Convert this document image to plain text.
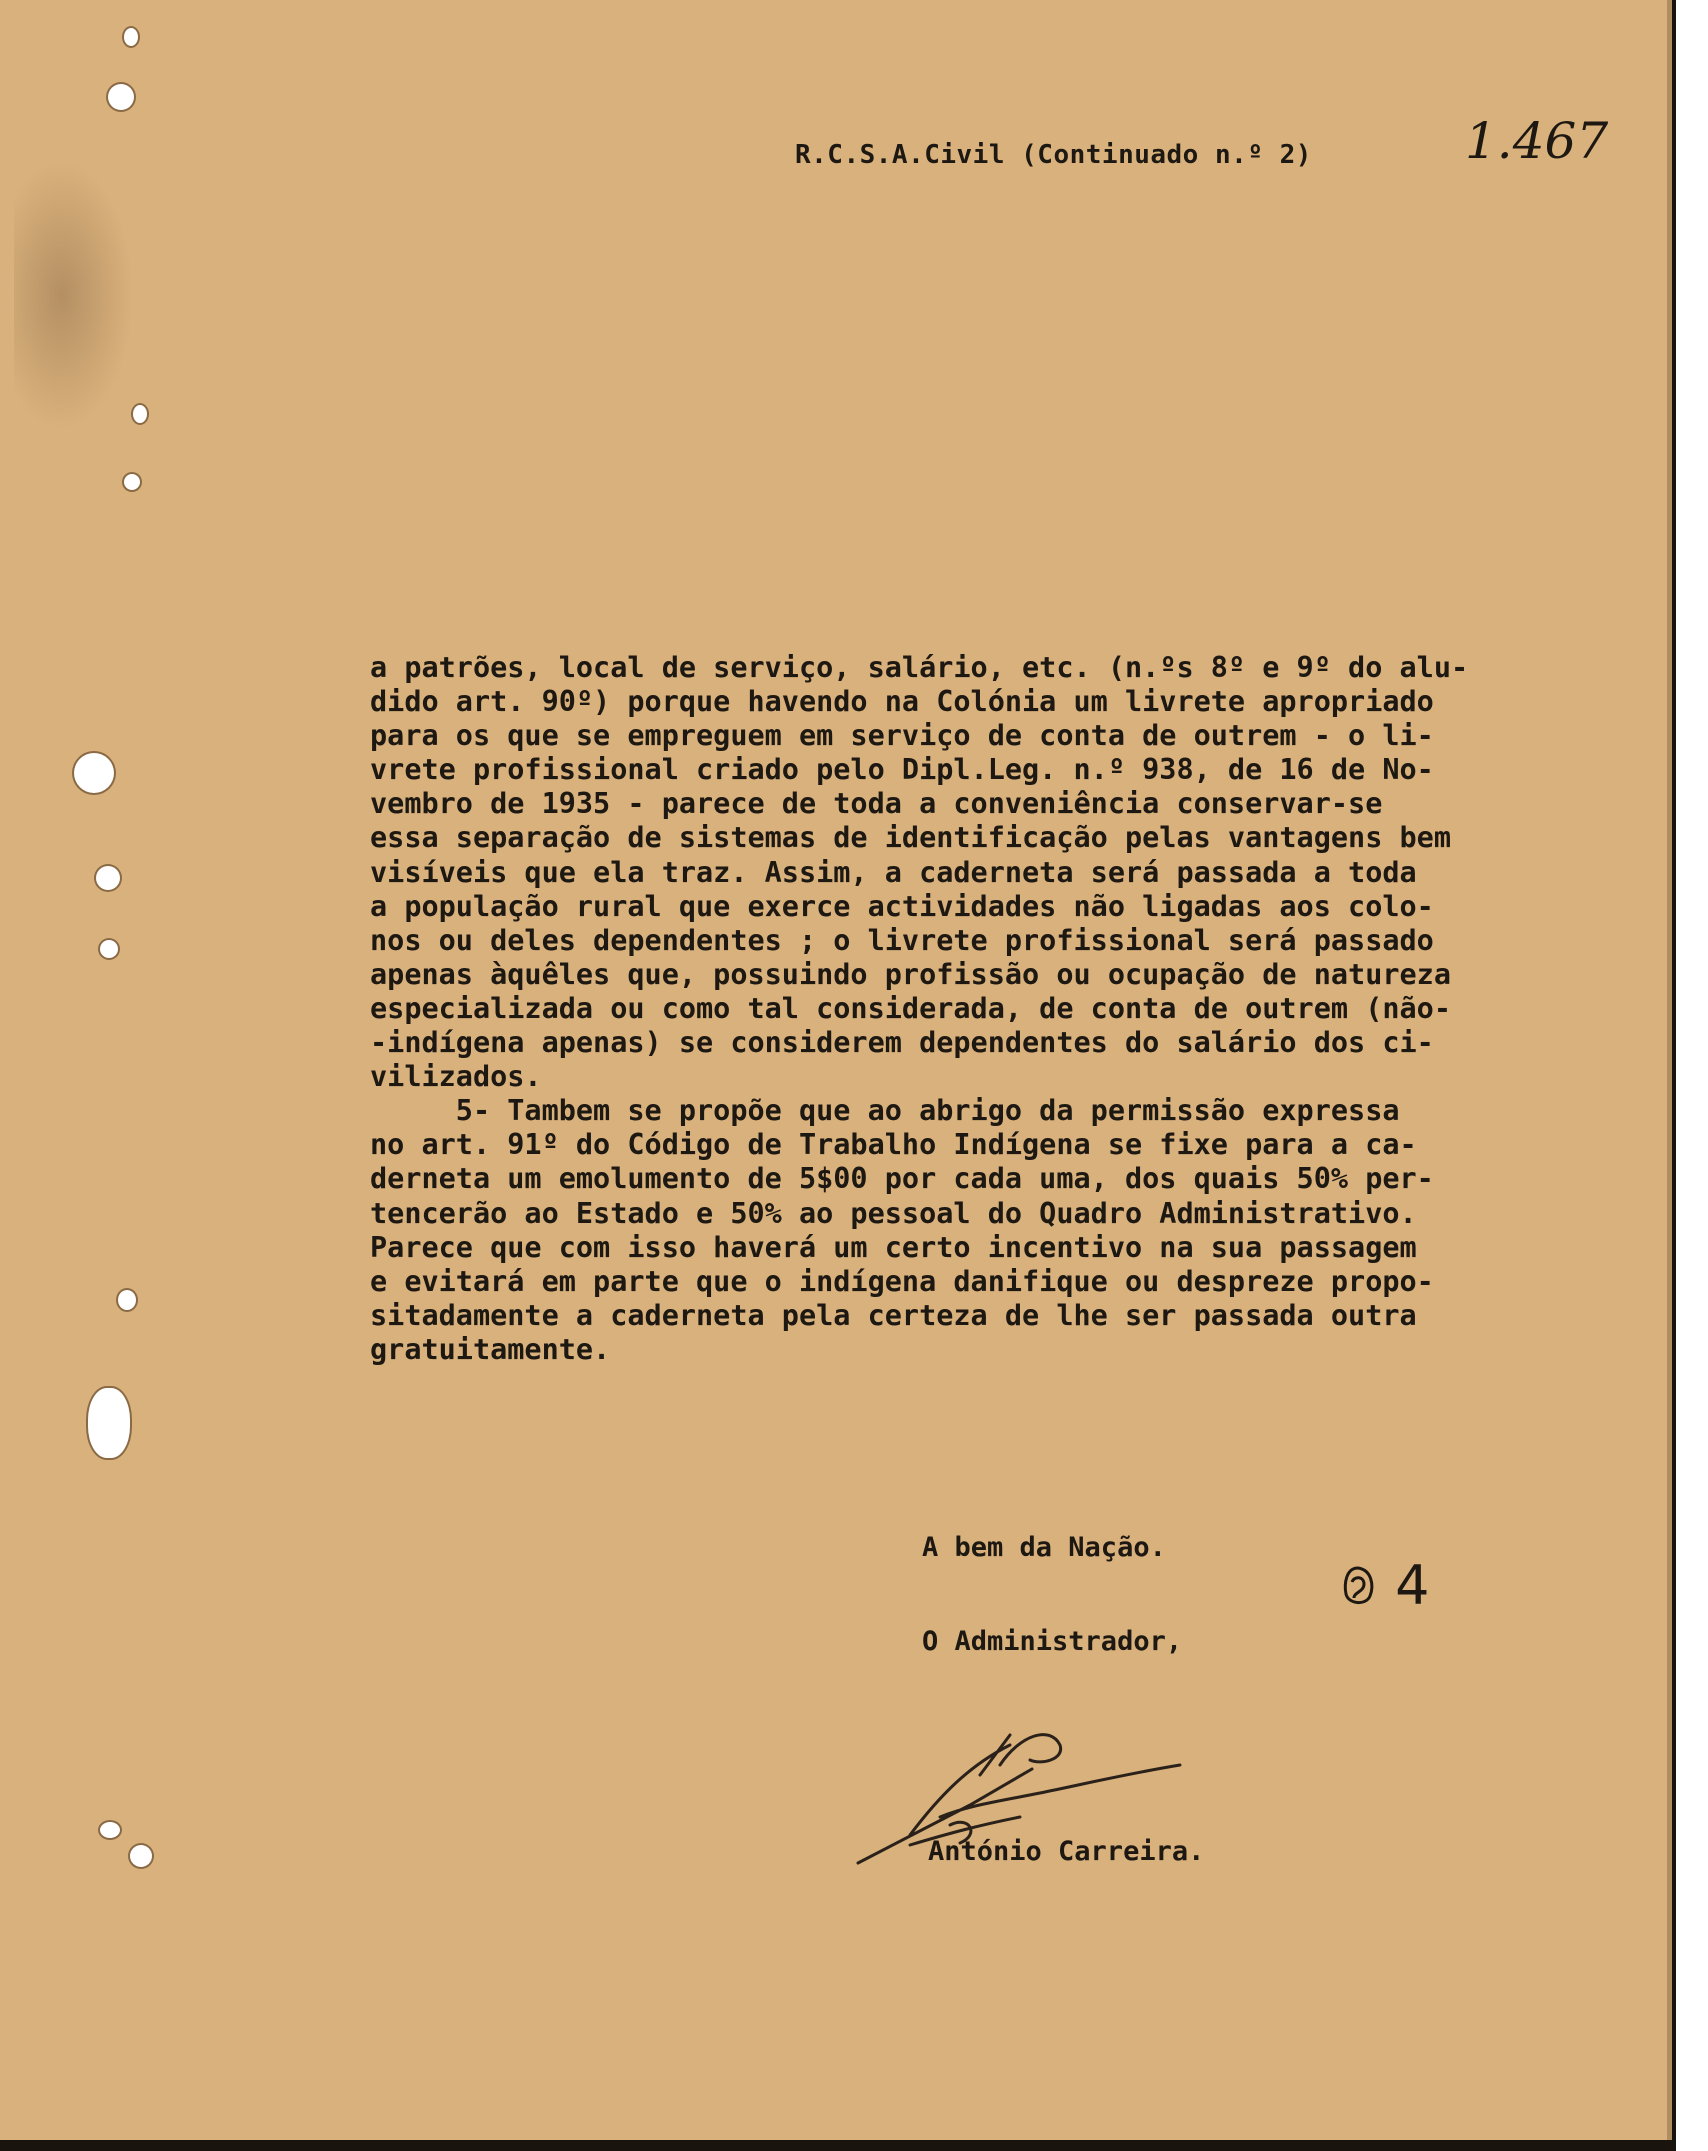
R.C.S.A.Civil (Continuado n.º 2)	1.467
a patrões, local de serviço, salário, etc. (n.ºs 8º e 9º do alu-
dido art. 90º) porque havendo na Colónia um livrete apropriado
para os que se empreguem em serviço de conta de outrem - o li-
vrete profissional criado pelo Dipl.Leg. n.º 938, de 16 de No-
vembro de 1935 - parece de toda a conveniência conservar-se
essa separação de sistemas de identificação pelas vantagens bem
visíveis que ela traz. Assim, a caderneta será passada a toda
a população rural que exerce actividades não ligadas aos colo-
nos ou deles dependentes ; o livrete profissional será passado
apenas àquêles que, possuindo profissão ou ocupação de natureza
especializada ou como tal considerada, de conta de outrem (não-
-indígena apenas) se considerem dependentes do salário dos ci-
vilizados.
5- Tambem se propõe que ao abrigo da permissão expressa
no art. 91º do Código de Trabalho Indígena se fixe para a ca-
derneta um emolumento de 5$00 por cada uma, dos quais 50% per-
tencerão ao Estado e 50% ao pessoal do Quadro Administrativo.
Parece que com isso haverá um certo incentivo na sua passagem
e evitará em parte que o indígena danifique ou despreze propo-
sitadamente a caderneta pela certeza de lhe ser passada outra
gratuitamente.
A bem da Nação.
O Administrador,
4
António Carreira.
